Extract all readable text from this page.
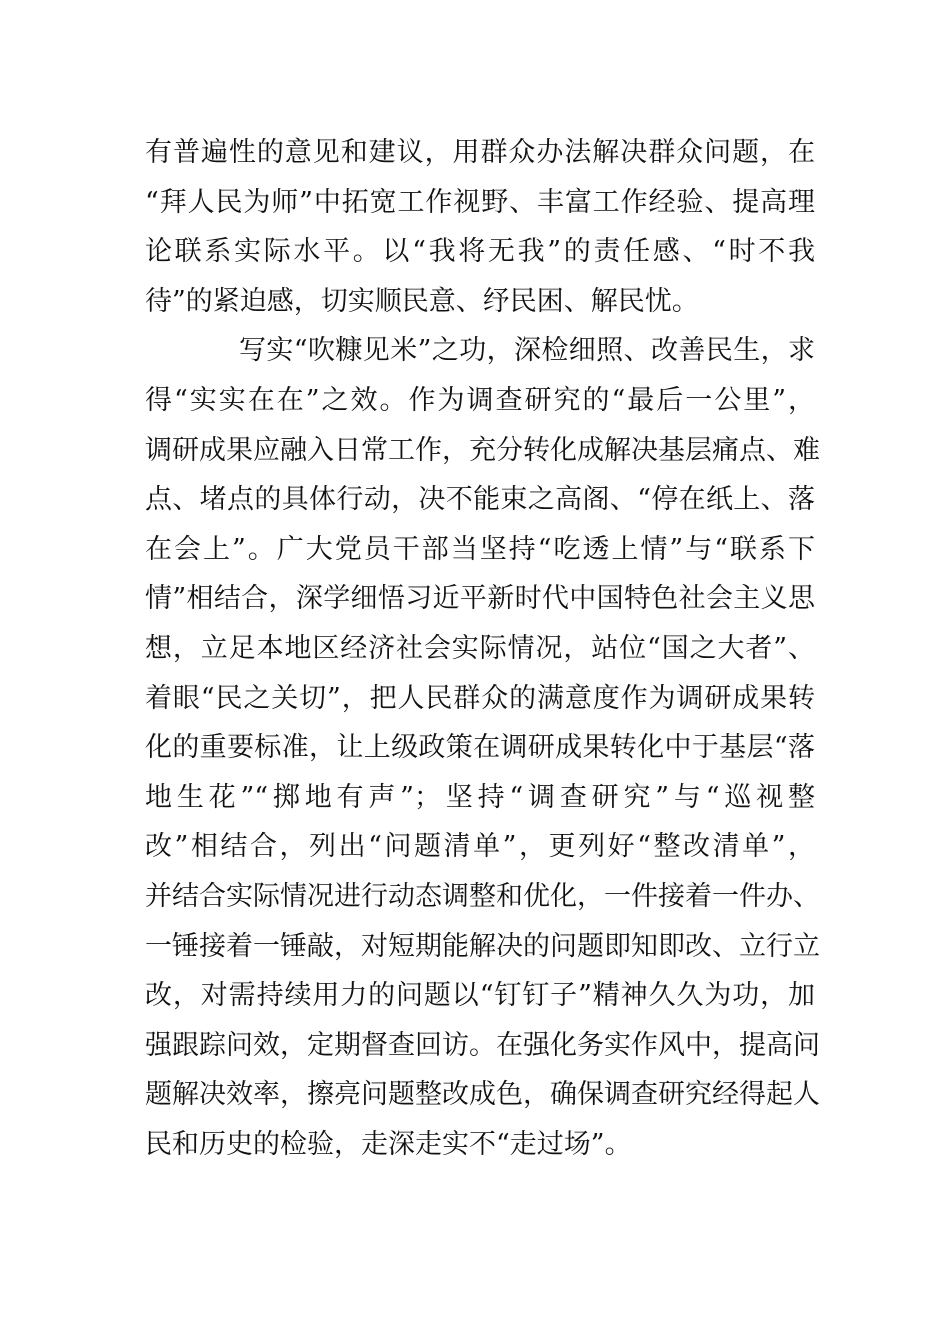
有普遍性的意见和建议，用群众办法解决群众问题，在
“拜人民为师”中拓宽工作视野、丰富工作经验、提高理
论联系实际水平。以“我将无我”的责任感、“时不我
待”的紧迫感，切实顺民意、纾民困、解民忧。
写实“吹糠见米”之功，深检细照、改善民生，求
得“实实在在”之效。作为调查研究的“最后一公里”，
调研成果应融入日常工作，充分转化成解决基层痛点、难
点、堵点的具体行动，决不能束之高阁、“停在纸上、落
在会上”。广大党员干部当坚持“吃透上情”与“联系下
情”相结合，深学细悟习近平新时代中国特色社会主义思
想，立足本地区经济社会实际情况，站位“国之大者”、
着眼“民之关切”，把人民群众的满意度作为调研成果转
化的重要标准，让上级政策在调研成果转化中于基层“落
地生花”“掷地有声”；坚持“调查研究”与“巡视整
改”相结合，列出“问题清单”，更列好“整改清单”，
并结合实际情况进行动态调整和优化，一件接着一件办、
一锤接着一锤敲，对短期能解决的问题即知即改、立行立
改，对需持续用力的问题以“钉钉子”精神久久为功，加
强跟踪问效，定期督查回访。在强化务实作风中，提高问
题解决效率，擦亮问题整改成色，确保调查研究经得起人
民和历史的检验，走深走实不“走过场”。
